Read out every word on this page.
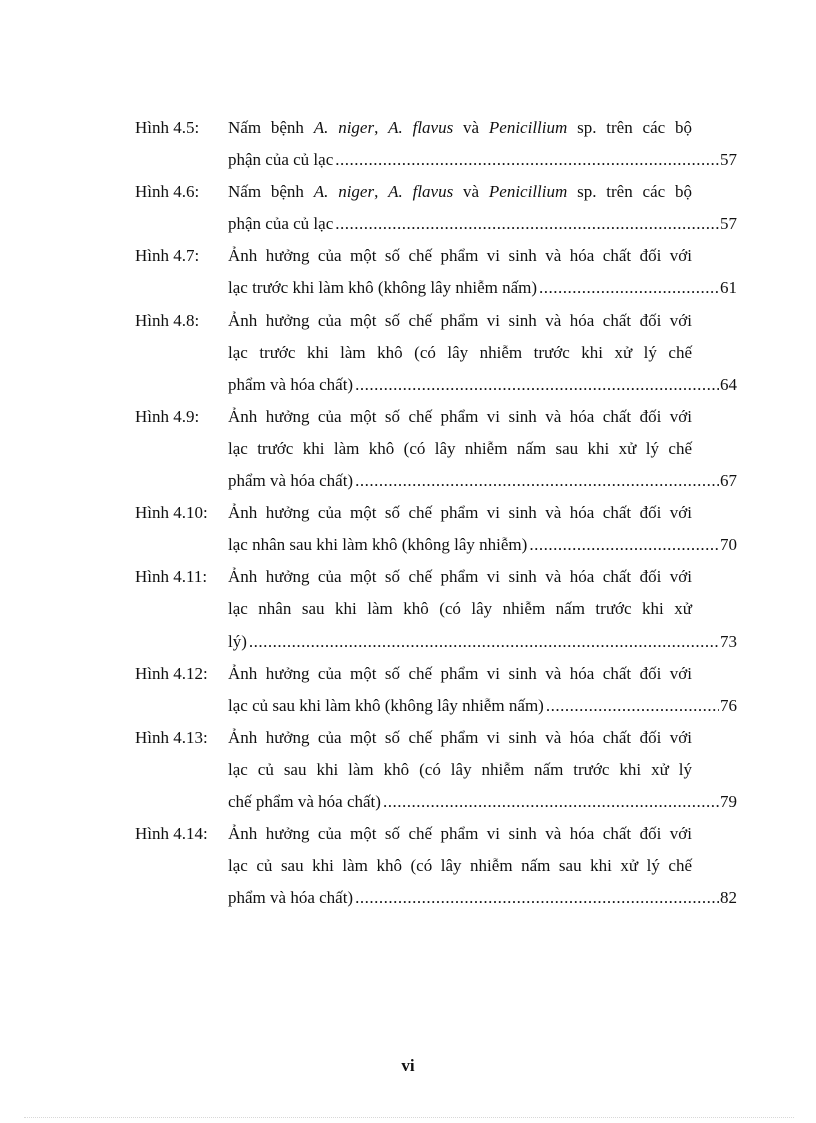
Hình 4.5:	Nấm bệnh A. niger, A. flavus và Penicillium sp. trên các bộ
phận của củ lạc .....	57
Hình 4.6:	Nấm bệnh A. niger, A. flavus và Penicillium sp. trên các bộ
phận của củ lạc .....	57
Hình 4.7:	Ảnh hưởng của một số chế phẩm vi sinh và hóa chất đối với
lạc trước khi làm khô (không lây nhiễm nấm) .....	61
Hình 4.8:	Ảnh hưởng của một số chế phẩm vi sinh và hóa chất đối với
lạc trước khi làm khô (có lây nhiễm trước khi xử lý chế
phẩm và hóa chất) .....	64
Hình 4.9:	Ảnh hưởng của một số chế phẩm vi sinh và hóa chất đối với
lạc trước khi làm khô (có lây nhiễm nấm sau khi xử lý chế
phẩm và hóa chất) .....	67
Hình 4.10:	Ảnh hưởng của một số chế phẩm vi sinh và hóa chất đối với
lạc nhân sau khi làm khô (không lây nhiễm) .....	70
Hình 4.11:	Ảnh hưởng của một số chế phẩm vi sinh và hóa chất đối với
lạc nhân sau khi làm khô (có lây nhiễm nấm trước khi xử
lý) .....	73
Hình 4.12:	Ảnh hưởng của một số chế phẩm vi sinh và hóa chất đối với
lạc củ sau khi làm khô (không lây nhiễm nấm) .....	76
Hình 4.13:	Ảnh hưởng của một số chế phẩm vi sinh và hóa chất đối với
lạc củ sau khi làm khô (có lây nhiễm nấm trước khi xử lý
chế phẩm và hóa chất) .....	79
Hình 4.14:	Ảnh hưởng của một số chế phẩm vi sinh và hóa chất đối với
lạc củ sau khi làm khô (có lây nhiễm nấm sau khi xử lý chế
phẩm và hóa chất) .....	82
vi
